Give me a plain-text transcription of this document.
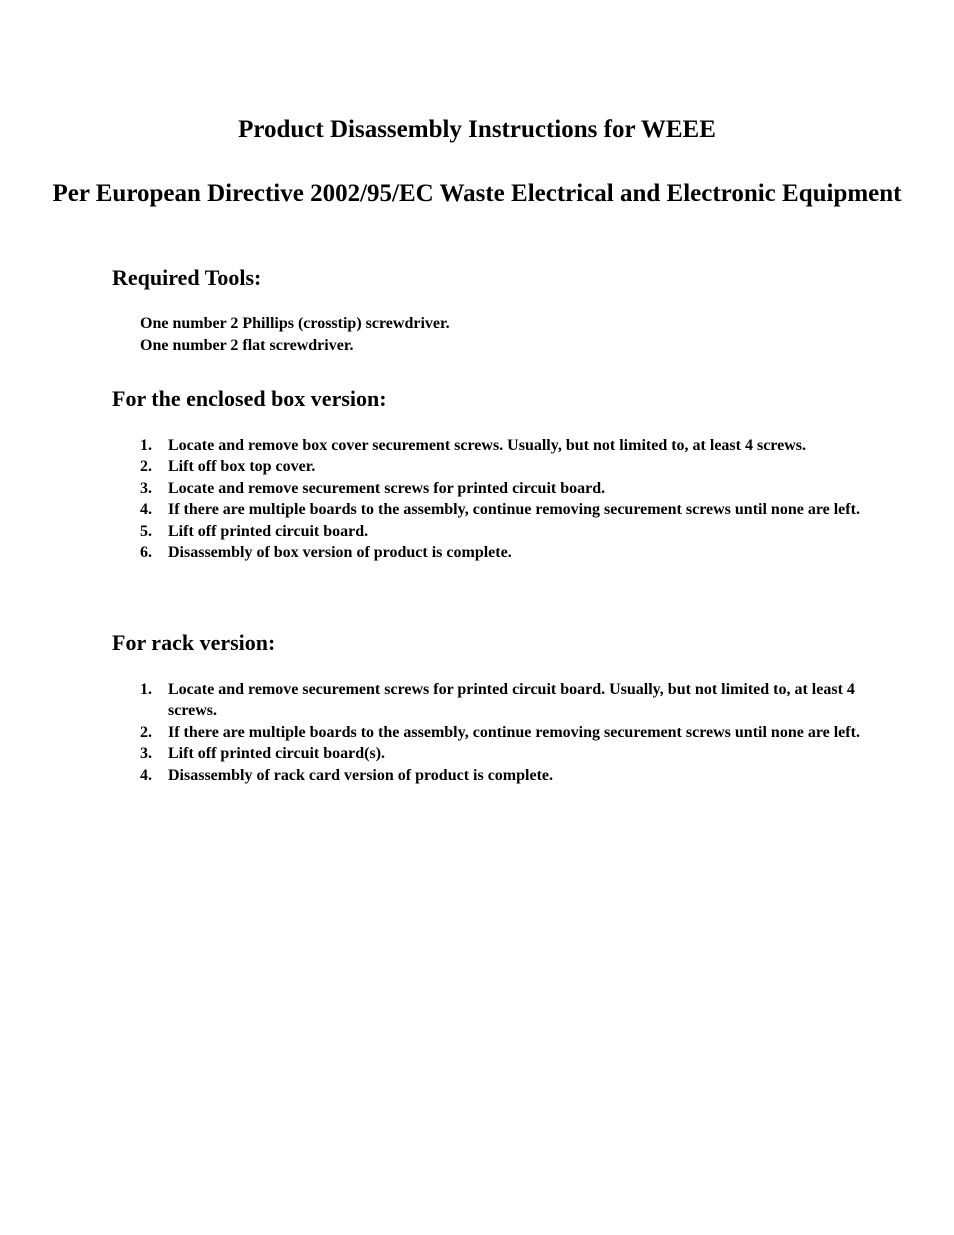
Product Disassembly Instructions for WEEE
Per European Directive 2002/95/EC Waste Electrical and Electronic Equipment
Required Tools:
One number 2 Phillips (crosstip) screwdriver.
One number 2 flat screwdriver.
For the enclosed box version:
1.	Locate and remove box cover securement screws. Usually, but not limited to, at least 4 screws.
2.	Lift off box top cover.
3.	Locate and remove securement screws for printed circuit board.
4.	If there are multiple boards to the assembly, continue removing securement screws until none are left.
5.	Lift off printed circuit board.
6.	Disassembly of box version of product is complete.
For rack version:
1.	Locate and remove securement screws for printed circuit board. Usually, but not limited to, at least 4 screws.
2.	If there are multiple boards to the assembly, continue removing securement screws until none are left.
3.	Lift off printed circuit board(s).
4.	Disassembly of rack card version of product is complete.
